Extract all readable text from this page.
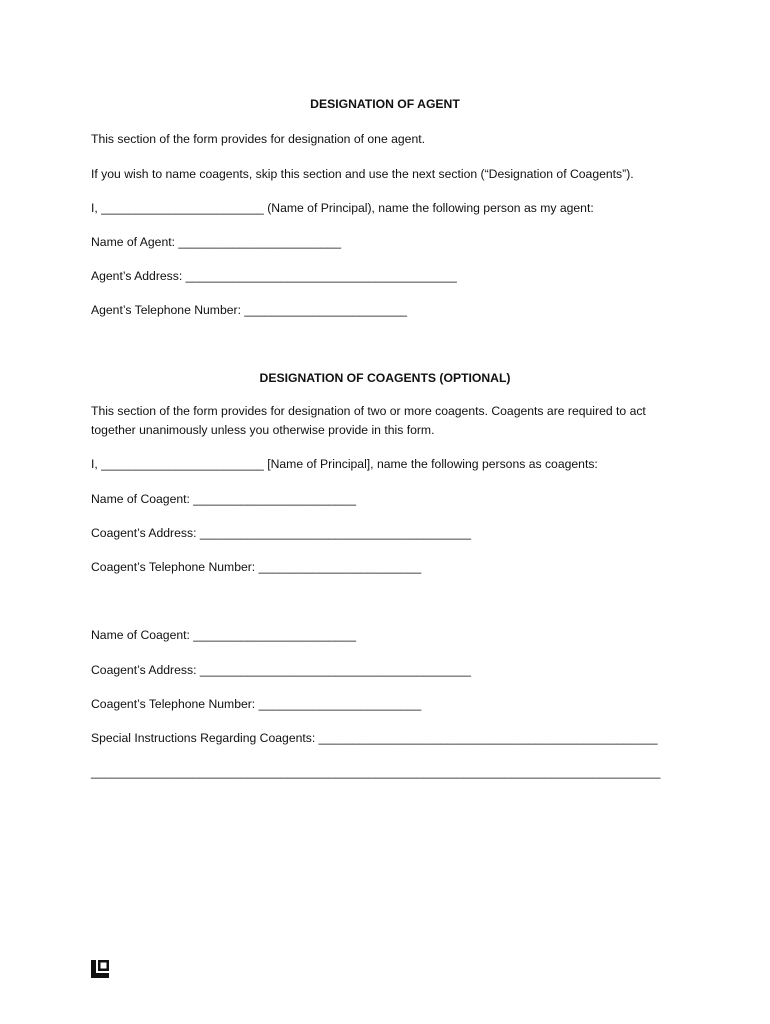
DESIGNATION OF AGENT
This section of the form provides for designation of one agent.
If you wish to name coagents, skip this section and use the next section (“Designation of Coagents”).
I, ________________________ (Name of Principal), name the following person as my agent:
Name of Agent: ________________________
Agent’s Address: ________________________________________
Agent’s Telephone Number: ________________________
DESIGNATION OF COAGENTS (OPTIONAL)
This section of the form provides for designation of two or more coagents. Coagents are required to act together unanimously unless you otherwise provide in this form.
I, ________________________ [Name of Principal], name the following persons as coagents:
Name of Coagent: ________________________
Coagent’s Address: ________________________________________
Coagent’s Telephone Number: ________________________
Name of Coagent: ________________________
Coagent’s Address: ________________________________________
Coagent’s Telephone Number: ________________________
Special Instructions Regarding Coagents: __________________________________________________
____________________________________________________________________________________
